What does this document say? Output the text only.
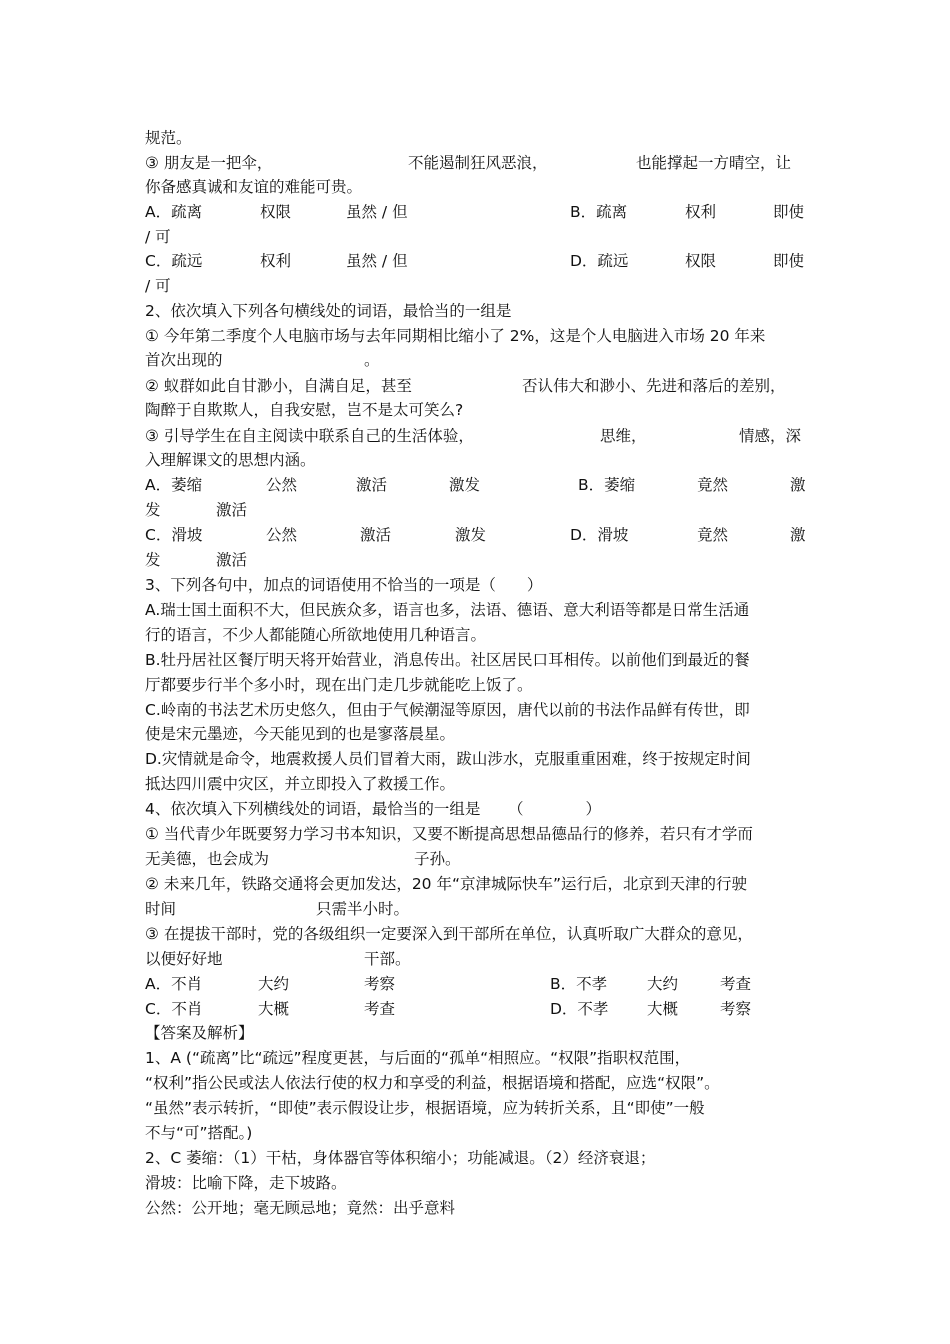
规范。
③ 朋友是一把伞，	不能遏制狂风恶浪，	也能撑起一方晴空，让
你备感真诚和友谊的难能可贵。
A．疏离	权限	虽然 / 但	B．疏离	权利	即使
/ 可
C．疏远	权利	虽然 / 但	D．疏远	权限	即使
/ 可
2、依次填入下列各句横线处的词语，最恰当的一组是
① 今年第二季度个人电脑市场与去年同期相比缩小了 2%，这是个人电脑进入市场 20 年来
首次出现的	。
② 蚁群如此自甘渺小，自满自足，甚至	否认伟大和渺小、先进和落后的差别，
陶醉于自欺欺人，自我安慰，岂不是太可笑么?
③ 引导学生在自主阅读中联系自己的生活体验，	思维，	情感，深
入理解课文的思想内涵。
A．萎缩	公然	激活	激发	B．萎缩	竟然	激
发	激活
C．滑坡	公然	激活	激发	D．滑坡	竟然	激
发	激活
3、下列各句中，加点的词语使用不恰当的一项是（　　）
A.瑞士国土面积不大，但民族众多，语言也多，法语、德语、意大利语等都是日常生活通
行的语言，不少人都能随心所欲地使用几种语言。
B.牡丹居社区餐厅明天将开始营业，消息传出。社区居民口耳相传。以前他们到最近的餐
厅都要步行半个多小时，现在出门走几步就能吃上饭了。
C.岭南的书法艺术历史悠久，但由于气候潮湿等原因，唐代以前的书法作品鲜有传世，即
使是宋元墨迹，今天能见到的也是寥落晨星。
D.灾情就是命令，地震救援人员们冒着大雨，跋山涉水，克服重重困难，终于按规定时间
抵达四川震中灾区，并立即投入了救援工作。
4、依次填入下列横线处的词语，最恰当的一组是 （　　　　）
① 当代青少年既要努力学习书本知识，又要不断提高思想品德品行的修养，若只有才学而
无美德，也会成为	子孙。
② 未来几年，铁路交通将会更加发达，20 年“京津城际快车”运行后，北京到天津的行驶
时间	只需半小时。
③ 在提拔干部时，党的各级组织一定要深入到干部所在单位，认真听取广大群众的意见，
以便好好地	干部。
A．不肖	大约	考察	B．不孝	大约	考查
C．不肖	大概	考查	D．不孝 大概	考察
【答案及解析】
1、A (“疏离”比“疏远”程度更甚，与后面的“孤单“相照应。“权限”指职权范围，
“权利”指公民或法人依法行使的权力和享受的利益，根据语境和搭配，应选“权限”。
“虽然”表示转折，“即使”表示假设让步，根据语境，应为转折关系，且“即使”一般
不与“可”搭配。)
2、C 萎缩：（1）干枯，身体器官等体积缩小；功能减退。（2）经济衰退；
滑坡：比喻下降，走下坡路。
公然：公开地；毫无顾忌地；竟然：出乎意料
